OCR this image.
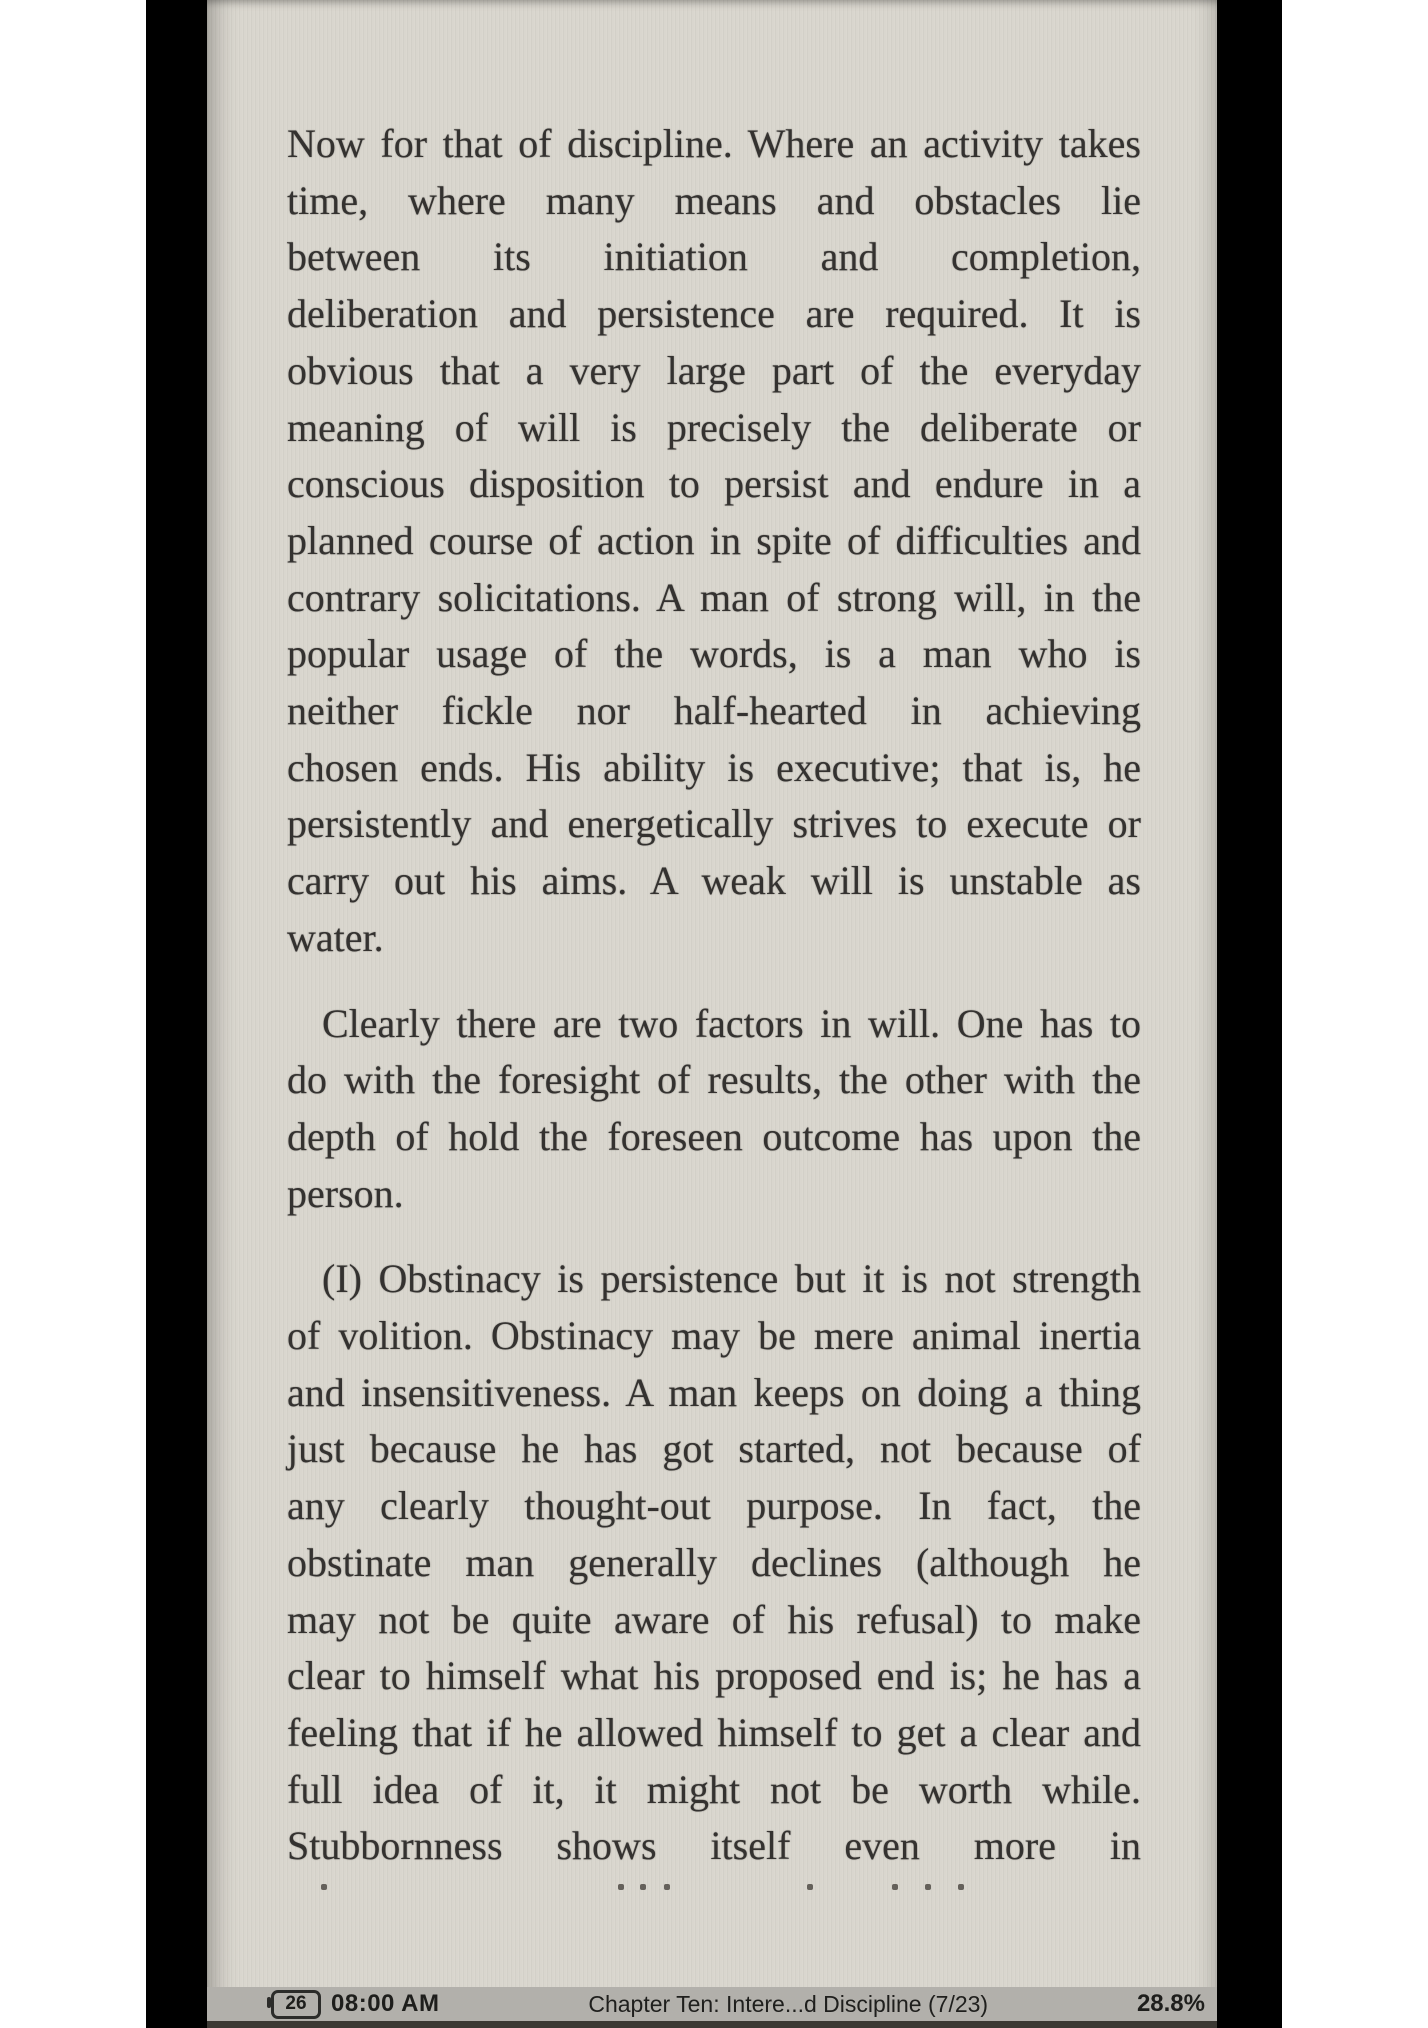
Now for that of discipline. Where an activity takes
time, where many means and obstacles lie
between its initiation and completion,
deliberation and persistence are required. It is
obvious that a very large part of the everyday
meaning of will is precisely the deliberate or
conscious disposition to persist and endure in a
planned course of action in spite of difficulties and
contrary solicitations. A man of strong will, in the
popular usage of the words, is a man who is
neither fickle nor half-hearted in achieving
chosen ends. His ability is executive; that is, he
persistently and energetically strives to execute or
carry out his aims. A weak will is unstable as
water.
Clearly there are two factors in will. One has to
do with the foresight of results, the other with the
depth of hold the foreseen outcome has upon the
person.
(I) Obstinacy is persistence but it is not strength
of volition. Obstinacy may be mere animal inertia
and insensitiveness. A man keeps on doing a thing
just because he has got started, not because of
any clearly thought-out purpose. In fact, the
obstinate man generally declines (although he
may not be quite aware of his refusal) to make
clear to himself what his proposed end is; he has a
feeling that if he allowed himself to get a clear and
full idea of it, it might not be worth while.
Stubbornness shows itself even more in
26 08:00 AM	Chapter Ten: Intere...d Discipline (7/23)	28.8%
